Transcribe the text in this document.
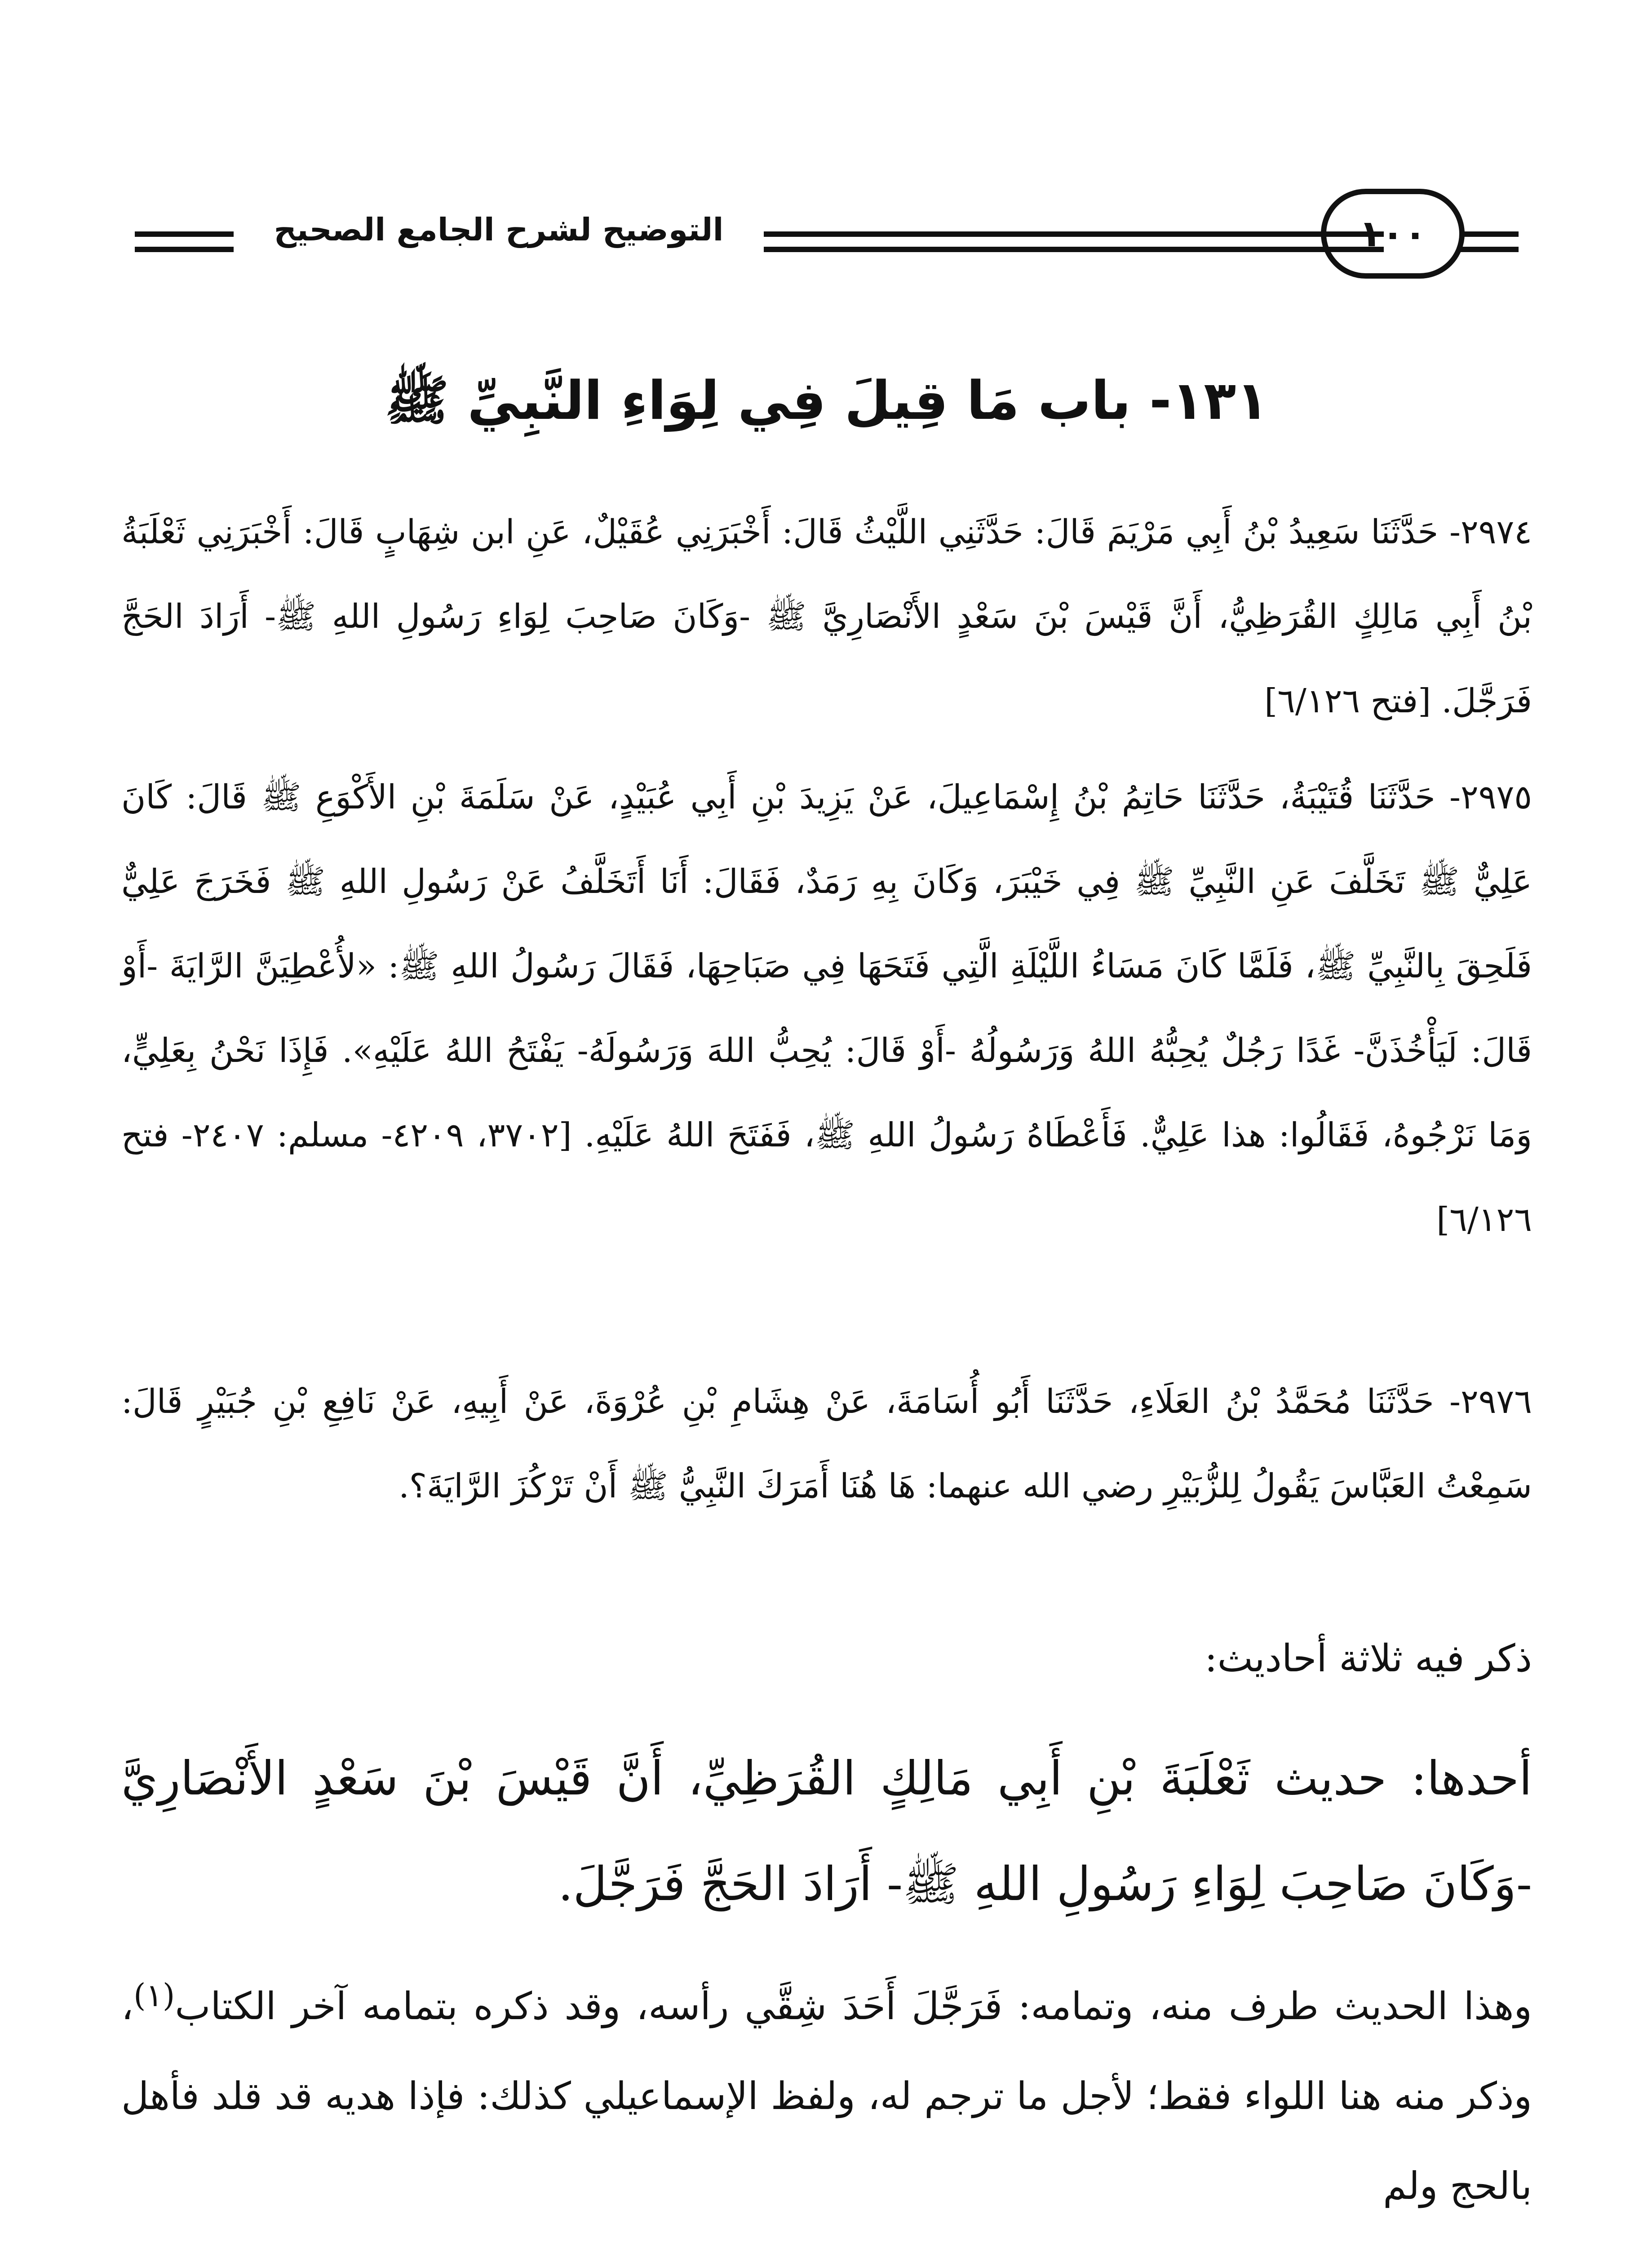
التوضيح لشرح الجامع الصحيح	١٠٠
١٣١- باب مَا قِيلَ فِي لِوَاءِ النَّبِيِّ ﷺ

٢٩٧٤- حَدَّثَنَا سَعِيدُ بْنُ أَبِي مَرْيَمَ قَالَ: حَدَّثَنِي اللَّيْثُ قَالَ: أَخْبَرَنِي عُقَيْلٌ، عَنِ ابن شِهَابٍ قَالَ: أَخْبَرَنِي ثَعْلَبَةُ بْنُ أَبِي مَالِكٍ القُرَظِيُّ، أَنَّ قَيْسَ بْنَ سَعْدٍ الأَنْصَارِيَّ ﷺ -وَكَانَ صَاحِبَ لِوَاءِ رَسُولِ اللهِ ﷺ- أَرَادَ الحَجَّ فَرَجَّلَ. [فتح ٦/١٢٦]

٢٩٧٥- حَدَّثَنَا قُتَيْبَةُ، حَدَّثَنَا حَاتِمُ بْنُ إِسْمَاعِيلَ، عَنْ يَزِيدَ بْنِ أَبِي عُبَيْدٍ، عَنْ سَلَمَةَ بْنِ الأَكْوَعِ ﷺ قَالَ: كَانَ عَلِيٌّ ﷺ تَخَلَّفَ عَنِ النَّبِيِّ ﷺ فِي خَيْبَرَ، وَكَانَ بِهِ رَمَدٌ، فَقَالَ: أَنَا أَتَخَلَّفُ عَنْ رَسُولِ اللهِ ﷺ فَخَرَجَ عَلِيٌّ فَلَحِقَ بِالنَّبِيِّ ﷺ، فَلَمَّا كَانَ مَسَاءُ اللَّيْلَةِ الَّتِي فَتَحَهَا فِي صَبَاحِهَا، فَقَالَ رَسُولُ اللهِ ﷺ: «لأُعْطِيَنَّ الرَّايَةَ -أَوْ قَالَ: لَيَأْخُذَنَّ- غَدًا رَجُلٌ يُحِبُّهُ اللهُ وَرَسُولُهُ -أَوْ قَالَ: يُحِبُّ اللهَ وَرَسُولَهُ- يَفْتَحُ اللهُ عَلَيْهِ». فَإِذَا نَحْنُ بِعَلِيٍّ، وَمَا نَرْجُوهُ، فَقَالُوا: هذا عَلِيٌّ. فَأَعْطَاهُ رَسُولُ اللهِ ﷺ، فَفَتَحَ اللهُ عَلَيْهِ. [٣٧٠٢، ٤٢٠٩- مسلم: ٢٤٠٧- فتح ٦/١٢٦]

٢٩٧٦- حَدَّثَنَا مُحَمَّدُ بْنُ العَلَاءِ، حَدَّثَنَا أَبُو أُسَامَةَ، عَنْ هِشَامِ بْنِ عُرْوَةَ، عَنْ أَبِيهِ، عَنْ نَافِعِ بْنِ جُبَيْرٍ قَالَ: سَمِعْتُ العَبَّاسَ يَقُولُ لِلزُّبَيْرِ رضي الله عنهما: هَا هُنَا أَمَرَكَ النَّبِيُّ ﷺ أَنْ تَرْكُزَ الرَّايَةَ؟.

ذكر فيه ثلاثة أحاديث:

أحدها: حديث ثَعْلَبَةَ بْنِ أَبِي مَالِكٍ القُرَظِيِّ، أَنَّ قَيْسَ بْنَ سَعْدٍ الأَنْصَارِيَّ -وَكَانَ صَاحِبَ لِوَاءِ رَسُولِ اللهِ ﷺ- أَرَادَ الحَجَّ فَرَجَّلَ.

وهذا الحديث طرف منه، وتمامه: فَرَجَّلَ أَحَدَ شِقَّي رأسه، وقد ذكره بتمامه آخر الكتاب$^{(١)}$، وذكر منه هنا اللواء فقط؛ لأجل ما ترجم له، ولفظ الإسماعيلي كذلك: فإذا هديه قد قلد فأهل بالحج ولم
